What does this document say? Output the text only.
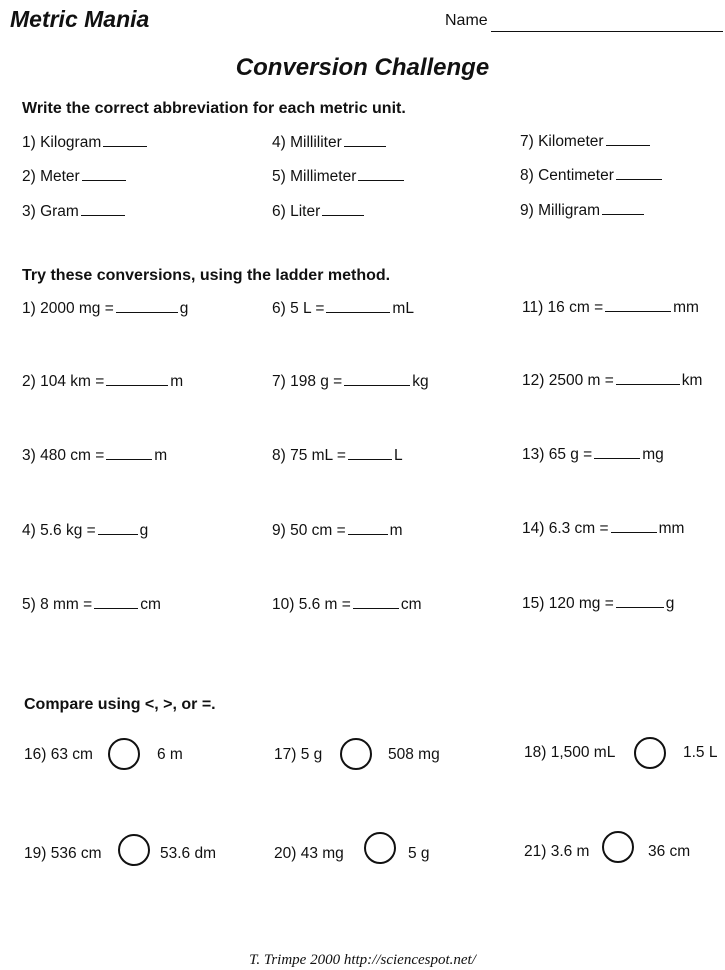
Metric Mania	Name
Conversion Challenge
Write the correct abbreviation for each metric unit.
1) Kilogram
2) Meter
3) Gram
4) Milliliter
5) Millimeter
6) Liter
7) Kilometer
8) Centimeter
9) Milligram
Try these conversions, using the ladder method.
1) 2000 mg =	g
2) 104 km =	m
3) 480 cm =	m
4) 5.6 kg =	g
5) 8 mm =	cm
6) 5 L =	mL
7) 198 g =	kg
8) 75 mL =	L
9) 50 cm =	m
10) 5.6 m =	cm
11) 16 cm =	mm
12) 2500 m =	km
13) 65 g =	mg
14) 6.3 cm =	mm
15) 120 mg =	g
Compare using <, >, or =.
16) 63 cm	6 m	17) 5 g	508 mg	18) 1,500 mL	1.5 L
19) 536 cm	53.6 dm	20) 43 mg	5 g	21) 3.6 m	36 cm
T. Trimpe 2000 http://sciencespot.net/
